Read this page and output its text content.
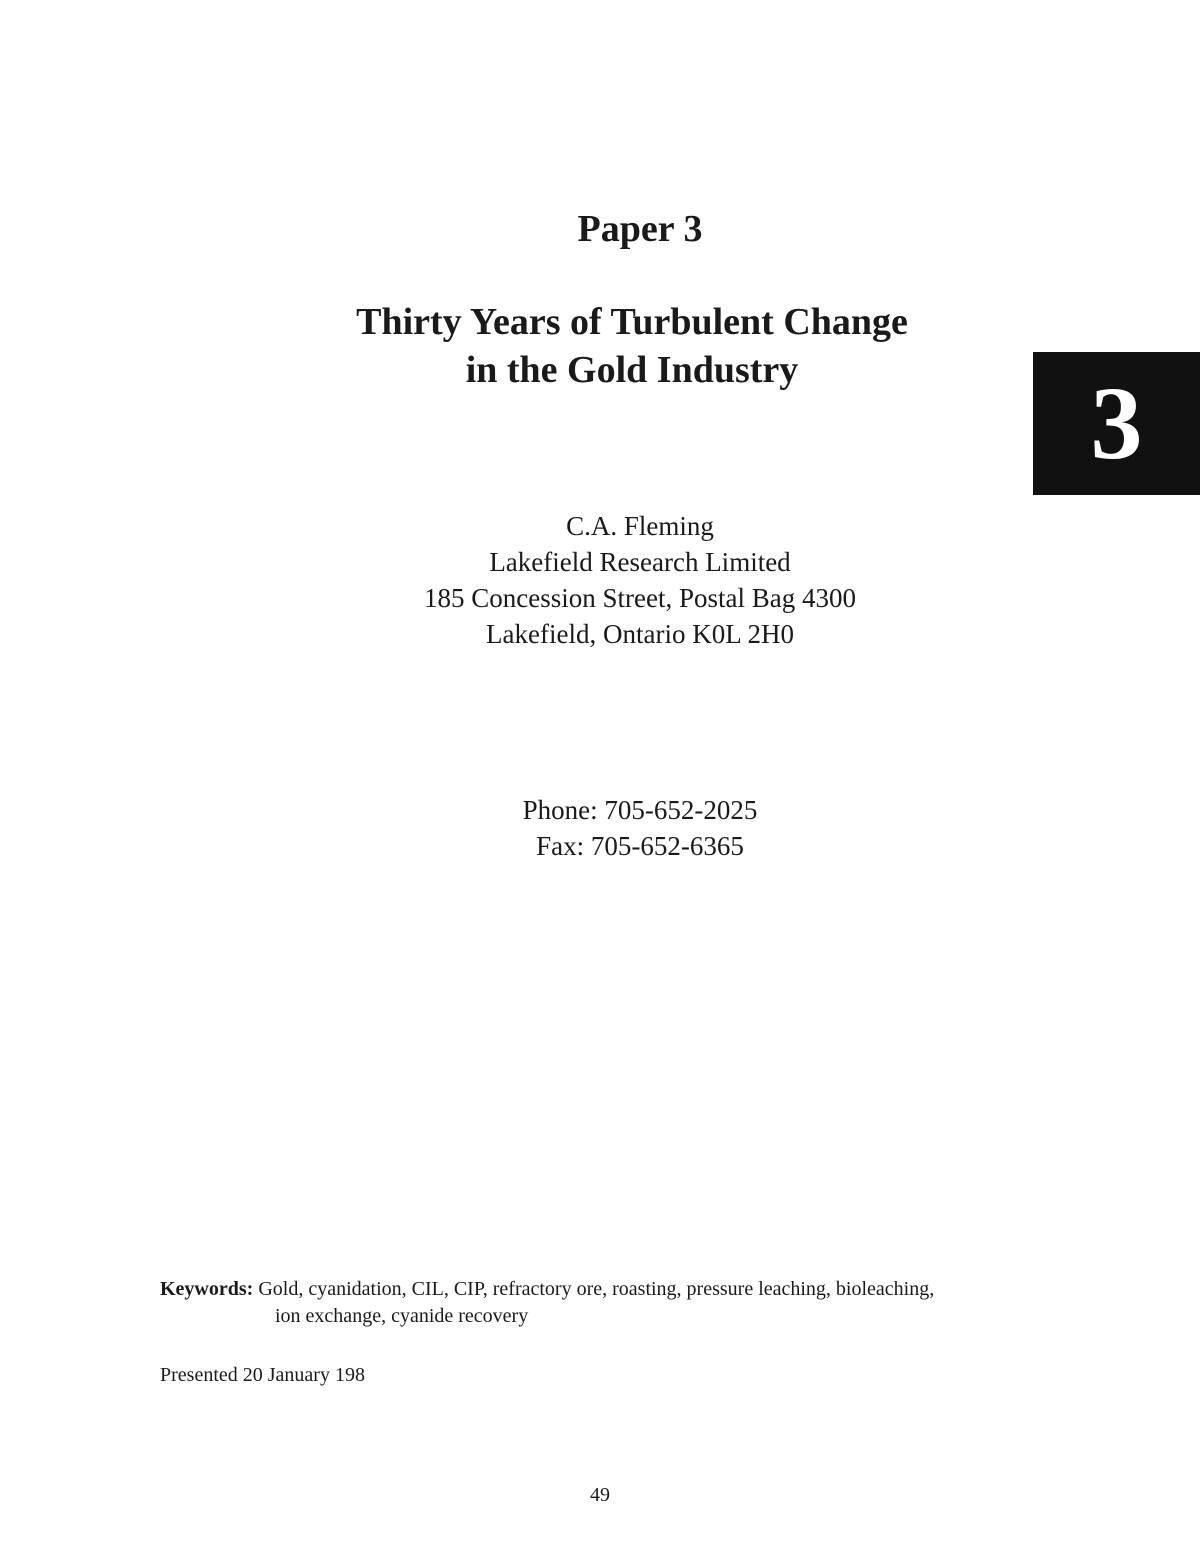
Paper 3
Thirty Years of Turbulent Change
in the Gold Industry	3
C.A. Fleming
Lakefield Research Limited
185 Concession Street, Postal Bag 4300
Lakefield, Ontario K0L 2H0
Phone: 705-652-2025
Fax: 705-652-6365
Keywords: Gold, cyanidation, CIL, CIP, refractory ore, roasting, pressure leaching, bioleaching,
ion exchange, cyanide recovery
Presented 20 January 198
49
